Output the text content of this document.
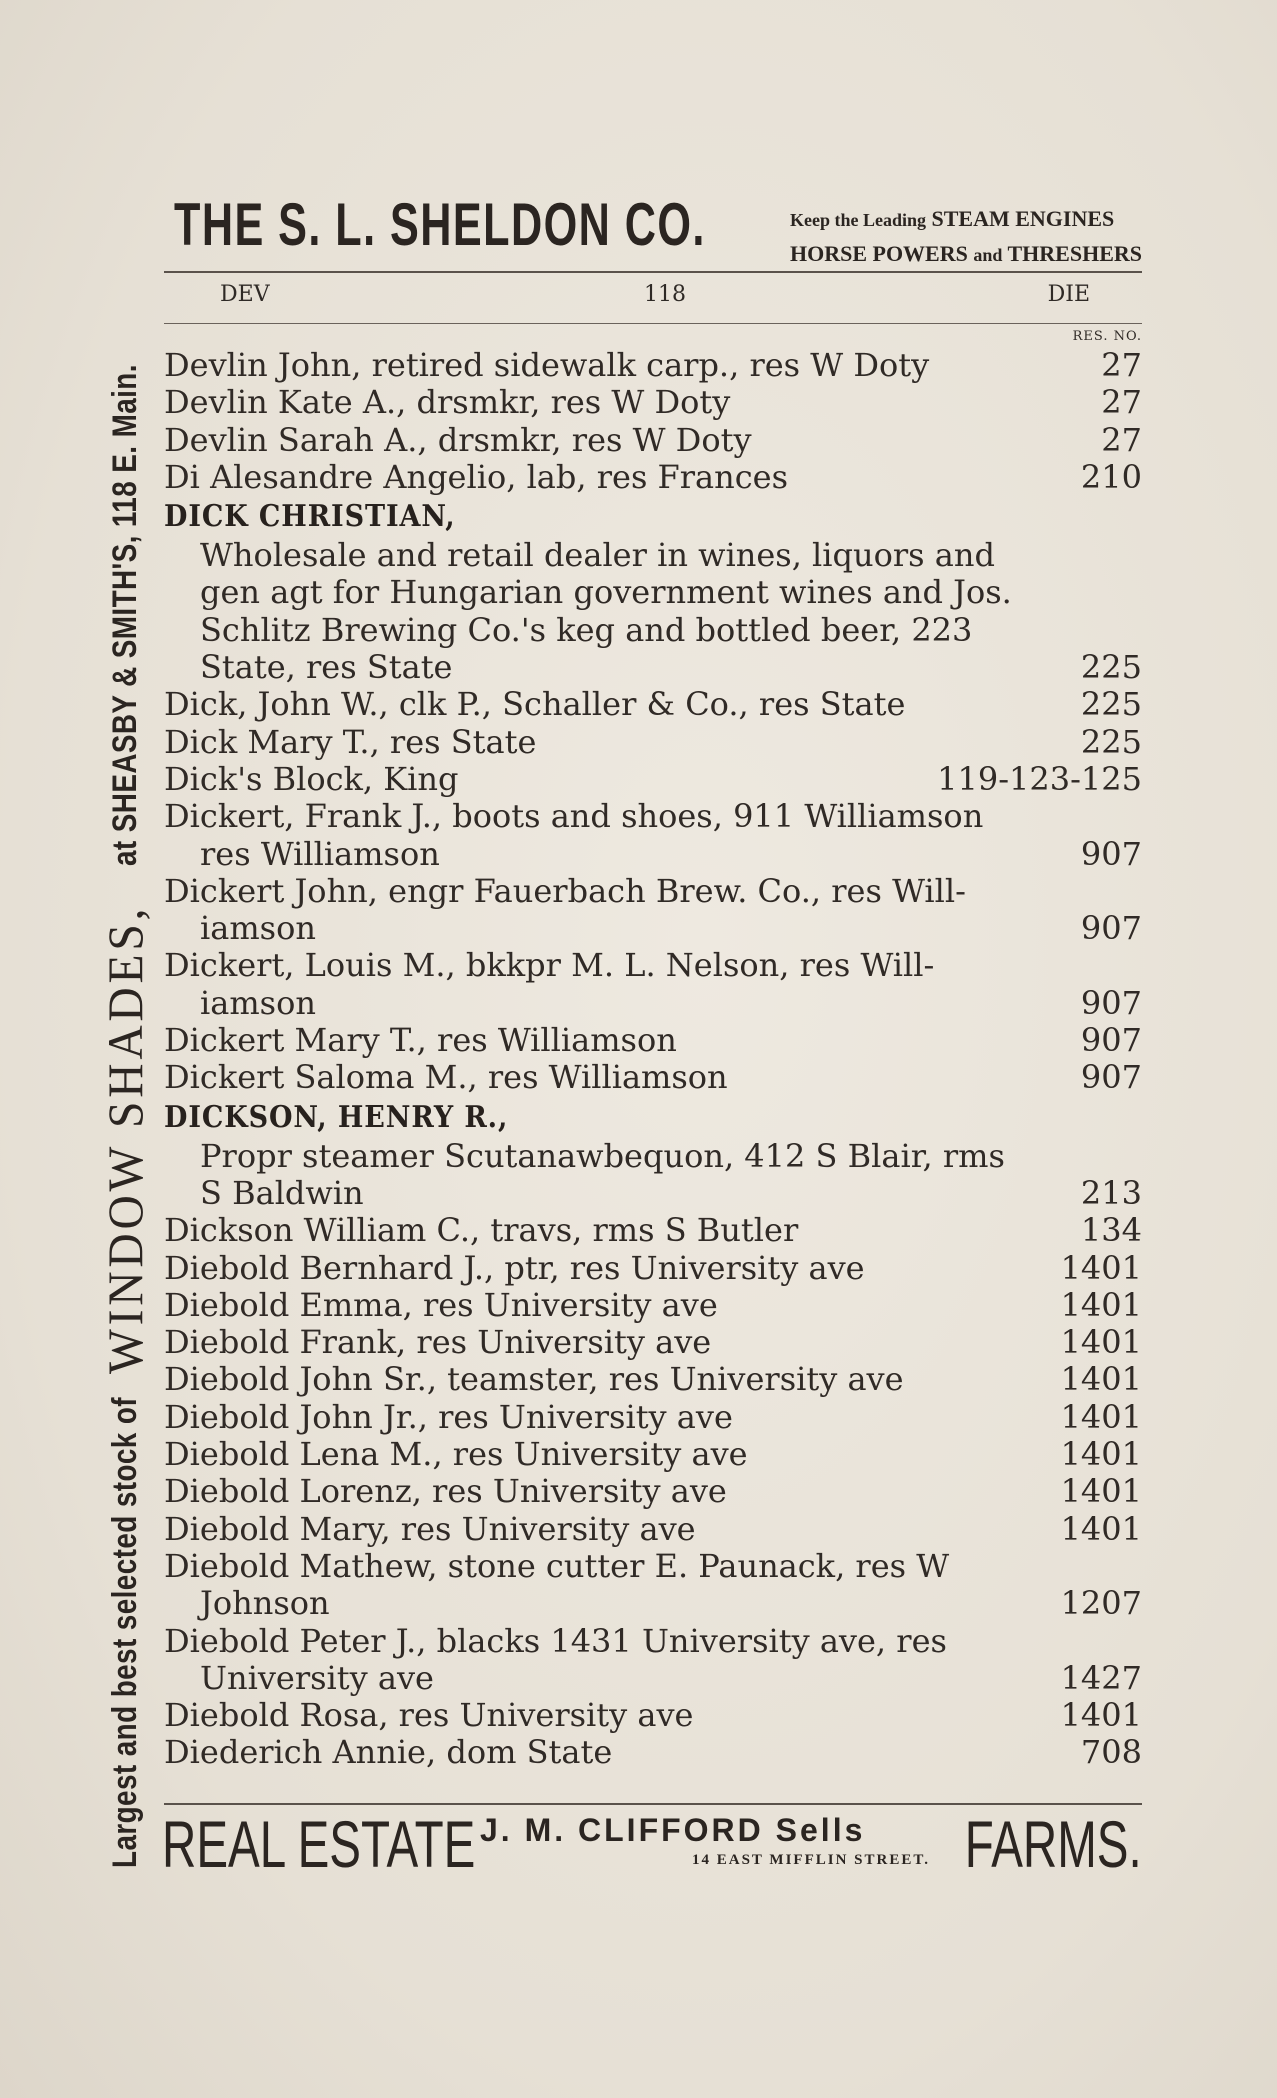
Largest and best selected stock of
WINDOW SHADES,
at SHEASBY & SMITH'S, 118 E. Main.
THE S. L. SHELDON CO.	Keep the Leading STEAM ENGINES
HORSE POWERS and THRESHERS
DEV	118	DIE
RES. NO.
Devlin John, retired sidewalk carp., res W Doty	27
Devlin Kate A., drsmkr, res W Doty	27
Devlin Sarah A., drsmkr, res W Doty	27
Di Alesandre Angelio, lab, res Frances	210
DICK CHRISTIAN,
Wholesale and retail dealer in wines, liquors and
gen agt for Hungarian government wines and Jos.
Schlitz Brewing Co.'s keg and bottled beer, 223
State, res State	225
Dick, John W., clk P., Schaller & Co., res State	225
Dick Mary T., res State	225
Dick's Block, King	119-123-125
Dickert, Frank J., boots and shoes, 911 Williamson
res Williamson	907
Dickert John, engr Fauerbach Brew. Co., res Will-
iamson	907
Dickert, Louis M., bkkpr M. L. Nelson, res Will-
iamson	907
Dickert Mary T., res Williamson	907
Dickert Saloma M., res Williamson	907
DICKSON, HENRY R.,
Propr steamer Scutanawbequon, 412 S Blair, rms
S Baldwin	213
Dickson William C., travs, rms S Butler	134
Diebold Bernhard J., ptr, res University ave	1401
Diebold Emma, res University ave	1401
Diebold Frank, res University ave	1401
Diebold John Sr., teamster, res University ave	1401
Diebold John Jr., res University ave	1401
Diebold Lena M., res University ave	1401
Diebold Lorenz, res University ave	1401
Diebold Mary, res University ave	1401
Diebold Mathew, stone cutter E. Paunack, res W
Johnson	1207
Diebold Peter J., blacks 1431 University ave, res
University ave	1427
Diebold Rosa, res University ave	1401
Diederich Annie, dom State	708
REAL ESTATE J. M. CLIFFORD Sells
14 EAST MIFFLIN STREET. FARMS.
